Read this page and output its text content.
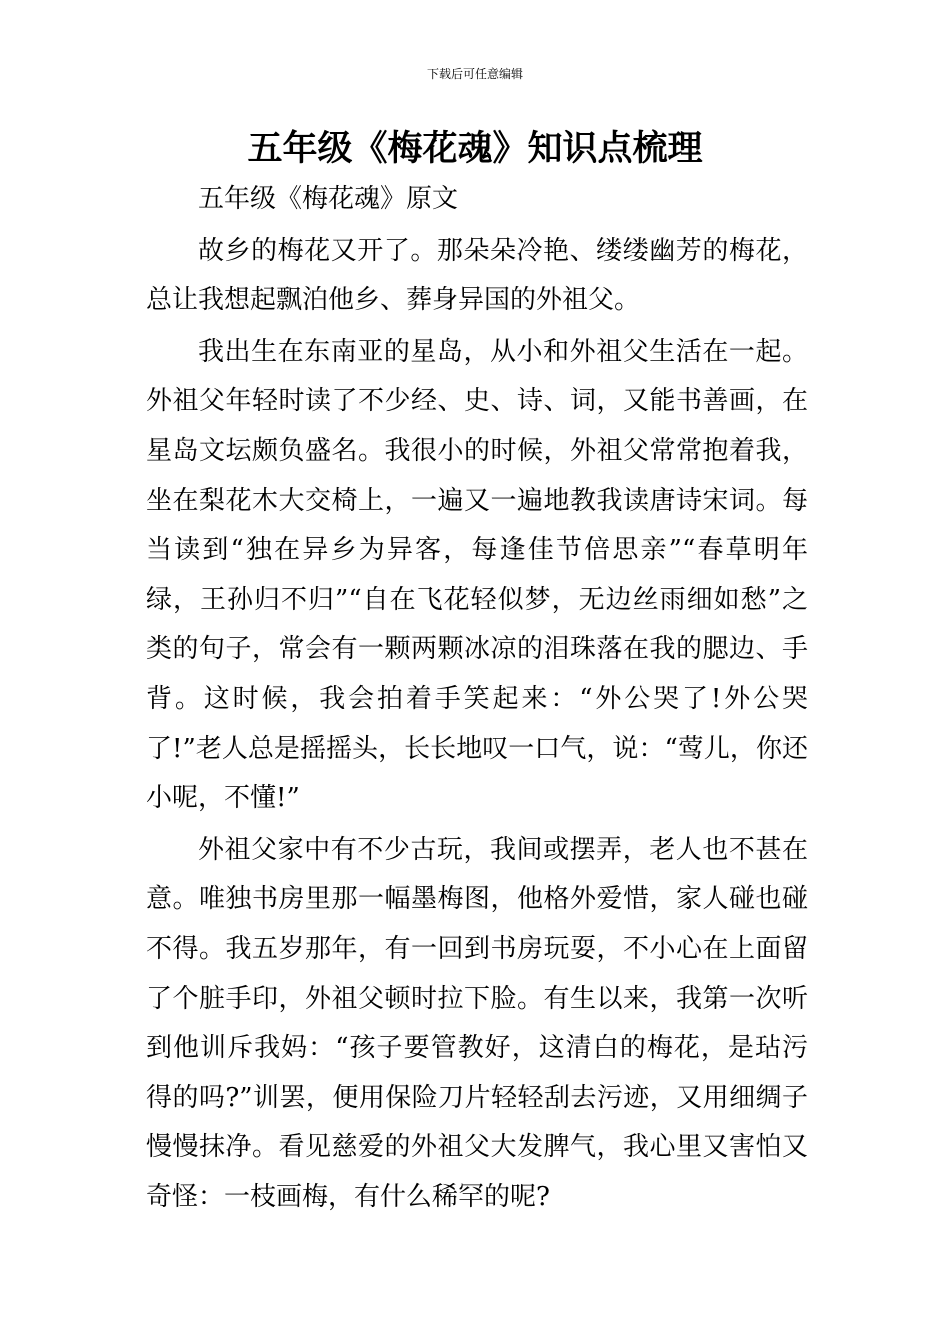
下载后可任意编辑
五年级《梅花魂》知识点梳理

五年级《梅花魂》原文

故乡的梅花又开了。那朵朵冷艳、缕缕幽芳的梅花，总让我想起飘泊他乡、葬身异国的外祖父。

我出生在东南亚的星岛，从小和外祖父生活在一起。外祖父年轻时读了不少经、史、诗、词，又能书善画，在星岛文坛颇负盛名。我很小的时候，外祖父常常抱着我，坐在梨花木大交椅上，一遍又一遍地教我读唐诗宋词。每当读到“独在异乡为异客，每逢佳节倍思亲”“春草明年绿，王孙归不归”“自在飞花轻似梦，无边丝雨细如愁”之类的句子，常会有一颗两颗冰凉的泪珠落在我的腮边、手背。这时候，我会拍着手笑起来：“外公哭了!外公哭了!”老人总是摇摇头，长长地叹一口气，说：“莺儿，你还小呢，不懂!”

外祖父家中有不少古玩，我间或摆弄，老人也不甚在意。唯独书房里那一幅墨梅图，他格外爱惜，家人碰也碰不得。我五岁那年，有一回到书房玩耍，不小心在上面留了个脏手印，外祖父顿时拉下脸。有生以来，我第一次听到他训斥我妈：“孩子要管教好，这清白的梅花，是玷污得的吗?”训罢，便用保险刀片轻轻刮去污迹，又用细绸子慢慢抹净。看见慈爱的外祖父大发脾气，我心里又害怕又奇怪：一枝画梅，有什么稀罕的呢?
